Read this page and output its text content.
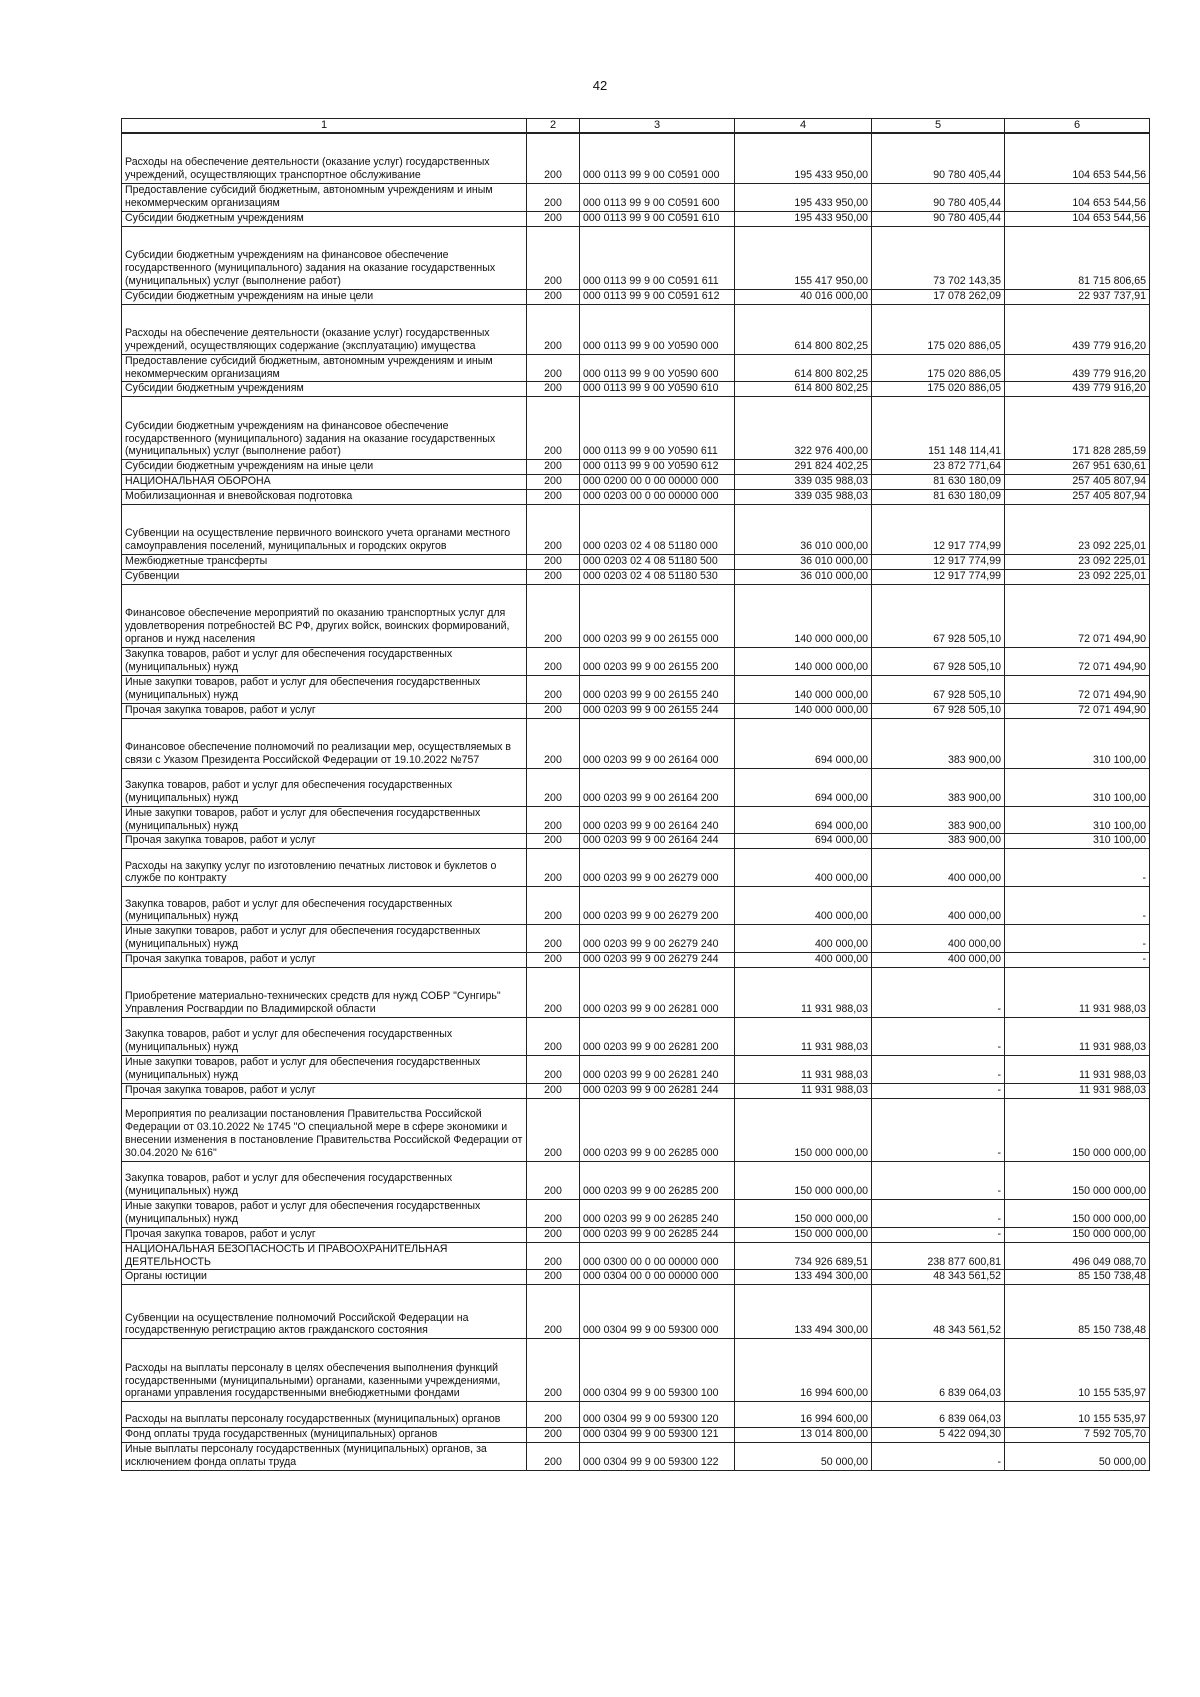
42
1	2	3	4	5	6
Расходы на обеспечение деятельности (оказание услуг) государственных учреждений, осуществляющих транспортное обслуживание	200	000 0113 99 9 00 С0591 000	195 433 950,00	90 780 405,44	104 653 544,56
Предоставление субсидий бюджетным, автономным учреждениям и иным некоммерческим организациям	200	000 0113 99 9 00 С0591 600	195 433 950,00	90 780 405,44	104 653 544,56
Субсидии бюджетным учреждениям	200	000 0113 99 9 00 С0591 610	195 433 950,00	90 780 405,44	104 653 544,56
Субсидии бюджетным учреждениям на финансовое обеспечение государственного (муниципального) задания на оказание государственных (муниципальных) услуг (выполнение работ)	200	000 0113 99 9 00 С0591 611	155 417 950,00	73 702 143,35	81 715 806,65
Субсидии бюджетным учреждениям на иные цели	200	000 0113 99 9 00 С0591 612	40 016 000,00	17 078 262,09	22 937 737,91
Расходы на обеспечение деятельности (оказание услуг) государственных учреждений, осуществляющих содержание (эксплуатацию) имущества	200	000 0113 99 9 00 У0590 000	614 800 802,25	175 020 886,05	439 779 916,20
Предоставление субсидий бюджетным, автономным учреждениям и иным некоммерческим организациям	200	000 0113 99 9 00 У0590 600	614 800 802,25	175 020 886,05	439 779 916,20
Субсидии бюджетным учреждениям	200	000 0113 99 9 00 У0590 610	614 800 802,25	175 020 886,05	439 779 916,20
Субсидии бюджетным учреждениям на финансовое обеспечение государственного (муниципального) задания на оказание государственных (муниципальных) услуг (выполнение работ)	200	000 0113 99 9 00 У0590 611	322 976 400,00	151 148 114,41	171 828 285,59
Субсидии бюджетным учреждениям на иные цели	200	000 0113 99 9 00 У0590 612	291 824 402,25	23 872 771,64	267 951 630,61
НАЦИОНАЛЬНАЯ ОБОРОНА	200	000 0200 00 0 00 00000 000	339 035 988,03	81 630 180,09	257 405 807,94
Мобилизационная и вневойсковая подготовка	200	000 0203 00 0 00 00000 000	339 035 988,03	81 630 180,09	257 405 807,94
Субвенции на осуществление первичного воинского учета органами местного самоуправления поселений, муниципальных и городских округов	200	000 0203 02 4 08 51180 000	36 010 000,00	12 917 774,99	23 092 225,01
Межбюджетные трансферты	200	000 0203 02 4 08 51180 500	36 010 000,00	12 917 774,99	23 092 225,01
Субвенции	200	000 0203 02 4 08 51180 530	36 010 000,00	12 917 774,99	23 092 225,01
Финансовое обеспечение мероприятий по оказанию транспортных услуг для удовлетворения потребностей ВС РФ, других войск, воинских формирований, органов и нужд населения	200	000 0203 99 9 00 26155 000	140 000 000,00	67 928 505,10	72 071 494,90
Закупка товаров, работ и услуг для обеспечения государственных (муниципальных) нужд	200	000 0203 99 9 00 26155 200	140 000 000,00	67 928 505,10	72 071 494,90
Иные закупки товаров, работ и услуг для обеспечения государственных (муниципальных) нужд	200	000 0203 99 9 00 26155 240	140 000 000,00	67 928 505,10	72 071 494,90
Прочая закупка товаров, работ и услуг	200	000 0203 99 9 00 26155 244	140 000 000,00	67 928 505,10	72 071 494,90
Финансовое обеспечение полномочий по реализации мер, осуществляемых в связи с Указом Президента Российской Федерации от 19.10.2022 №757	200	000 0203 99 9 00 26164 000	694 000,00	383 900,00	310 100,00
Закупка товаров, работ и услуг для обеспечения государственных (муниципальных) нужд	200	000 0203 99 9 00 26164 200	694 000,00	383 900,00	310 100,00
Иные закупки товаров, работ и услуг для обеспечения государственных (муниципальных) нужд	200	000 0203 99 9 00 26164 240	694 000,00	383 900,00	310 100,00
Прочая закупка товаров, работ и услуг	200	000 0203 99 9 00 26164 244	694 000,00	383 900,00	310 100,00
Расходы на закупку услуг по изготовлению печатных листовок и буклетов о службе по контракту	200	000 0203 99 9 00 26279 000	400 000,00	400 000,00	-
Закупка товаров, работ и услуг для обеспечения государственных (муниципальных) нужд	200	000 0203 99 9 00 26279 200	400 000,00	400 000,00	-
Иные закупки товаров, работ и услуг для обеспечения государственных (муниципальных) нужд	200	000 0203 99 9 00 26279 240	400 000,00	400 000,00	-
Прочая закупка товаров, работ и услуг	200	000 0203 99 9 00 26279 244	400 000,00	400 000,00	-
Приобретение материально-технических средств для нужд СОБР "Сунгирь" Управления Росгвардии по Владимирской области	200	000 0203 99 9 00 26281 000	11 931 988,03	-	11 931 988,03
Закупка товаров, работ и услуг для обеспечения государственных (муниципальных) нужд	200	000 0203 99 9 00 26281 200	11 931 988,03	-	11 931 988,03
Иные закупки товаров, работ и услуг для обеспечения государственных (муниципальных) нужд	200	000 0203 99 9 00 26281 240	11 931 988,03	-	11 931 988,03
Прочая закупка товаров, работ и услуг	200	000 0203 99 9 00 26281 244	11 931 988,03	-	11 931 988,03
Мероприятия по реализации постановления Правительства Российской Федерации от 03.10.2022 № 1745 "О специальной мере в сфере экономики и внесении изменения в постановление Правительства Российской Федерации от 30.04.2020 № 616"	200	000 0203 99 9 00 26285 000	150 000 000,00	-	150 000 000,00
Закупка товаров, работ и услуг для обеспечения государственных (муниципальных) нужд	200	000 0203 99 9 00 26285 200	150 000 000,00	-	150 000 000,00
Иные закупки товаров, работ и услуг для обеспечения государственных (муниципальных) нужд	200	000 0203 99 9 00 26285 240	150 000 000,00	-	150 000 000,00
Прочая закупка товаров, работ и услуг	200	000 0203 99 9 00 26285 244	150 000 000,00	-	150 000 000,00
НАЦИОНАЛЬНАЯ БЕЗОПАСНОСТЬ И ПРАВООХРАНИТЕЛЬНАЯ ДЕЯТЕЛЬНОСТЬ	200	000 0300 00 0 00 00000 000	734 926 689,51	238 877 600,81	496 049 088,70
Органы юстиции	200	000 0304 00 0 00 00000 000	133 494 300,00	48 343 561,52	85 150 738,48
Субвенции на осуществление полномочий Российской Федерации на государственную регистрацию актов гражданского состояния	200	000 0304 99 9 00 59300 000	133 494 300,00	48 343 561,52	85 150 738,48
Расходы на выплаты персоналу в целях обеспечения выполнения функций государственными (муниципальными) органами, казенными учреждениями, органами управления государственными внебюджетными фондами	200	000 0304 99 9 00 59300 100	16 994 600,00	6 839 064,03	10 155 535,97
Расходы на выплаты персоналу государственных (муниципальных) органов	200	000 0304 99 9 00 59300 120	16 994 600,00	6 839 064,03	10 155 535,97
Фонд оплаты труда государственных (муниципальных) органов	200	000 0304 99 9 00 59300 121	13 014 800,00	5 422 094,30	7 592 705,70
Иные выплаты персоналу государственных (муниципальных) органов, за исключением фонда оплаты труда	200	000 0304 99 9 00 59300 122	50 000,00	-	50 000,00
